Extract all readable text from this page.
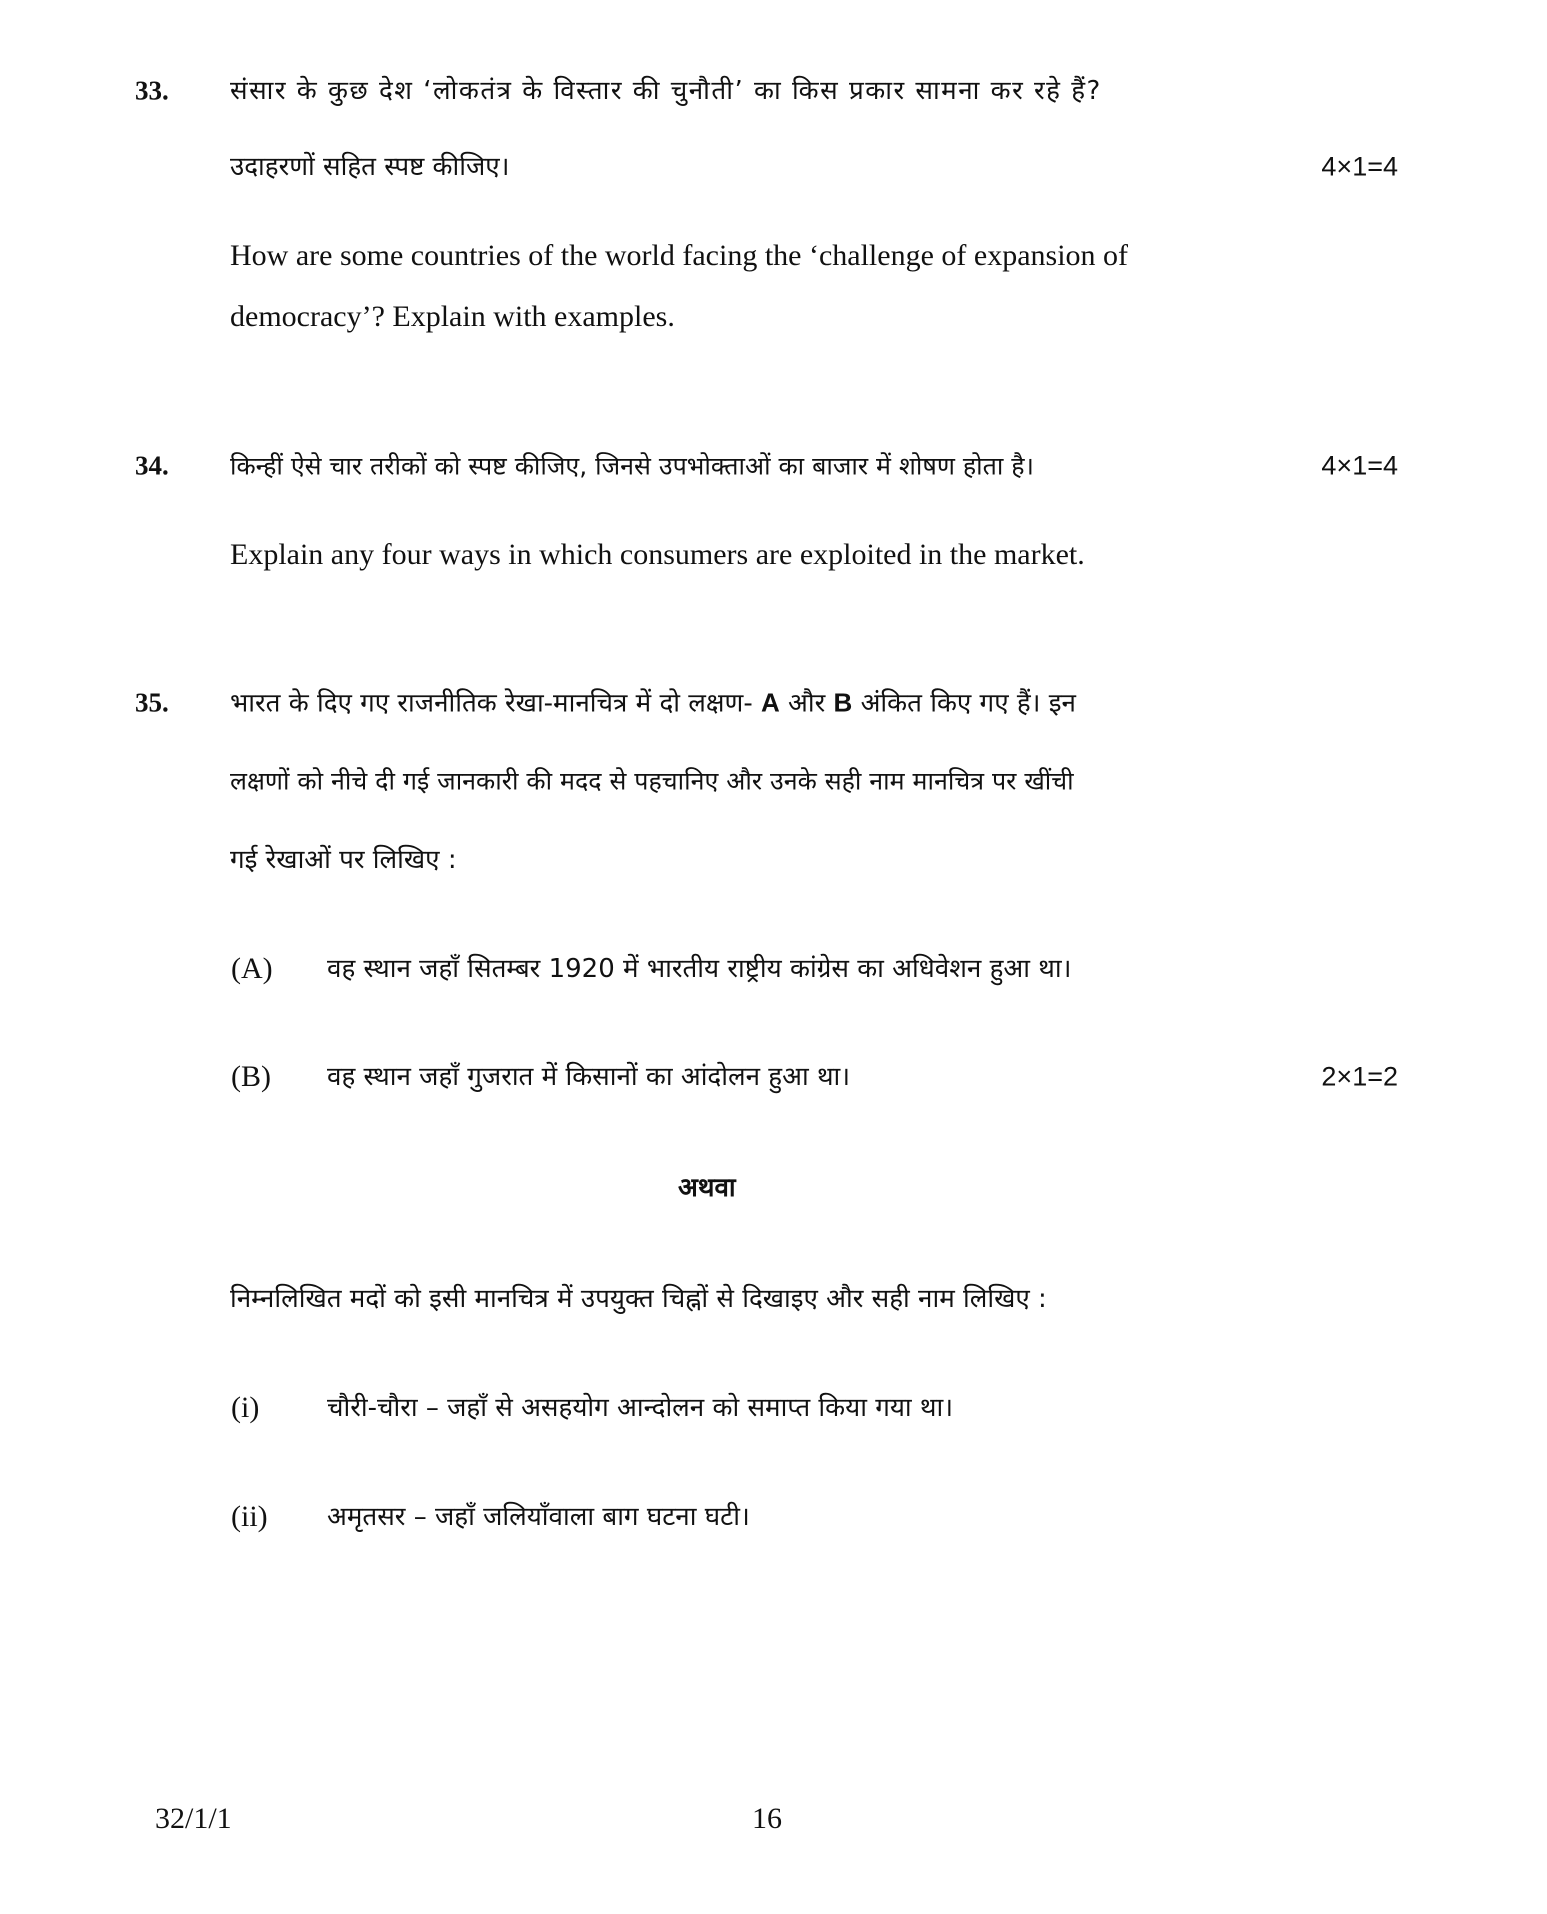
33. संसार के कुछ देश ‘लोकतंत्र के विस्तार की चुनौती’ का किस प्रकार सामना कर रहे हैं?
उदाहरणों सहित स्पष्ट कीजिए।	4×1=4
How are some countries of the world facing the ‘challenge of expansion of
democracy’? Explain with examples.
34. किन्हीं ऐसे चार तरीकों को स्पष्ट कीजिए, जिनसे उपभोक्ताओं का बाजार में शोषण होता है।	4×1=4
Explain any four ways in which consumers are exploited in the market.
35. भारत के दिए गए राजनीतिक रेखा-मानचित्र में दो लक्षण- A और B अंकित किए गए हैं। इन
लक्षणों को नीचे दी गई जानकारी की मदद से पहचानिए और उनके सही नाम मानचित्र पर खींची
गई रेखाओं पर लिखिए :
(A) वह स्थान जहाँ सितम्बर 1920 में भारतीय राष्ट्रीय कांग्रेस का अधिवेशन हुआ था।
(B) वह स्थान जहाँ गुजरात में किसानों का आंदोलन हुआ था।	2×1=2
अथवा
निम्नलिखित मदों को इसी मानचित्र में उपयुक्त चिह्नों से दिखाइए और सही नाम लिखिए :
(i)	चौरी-चौरा – जहाँ से असहयोग आन्दोलन को समाप्त किया गया था।
(ii) अमृतसर – जहाँ जलियाँवाला बाग घटना घटी।
32/1/1	16
